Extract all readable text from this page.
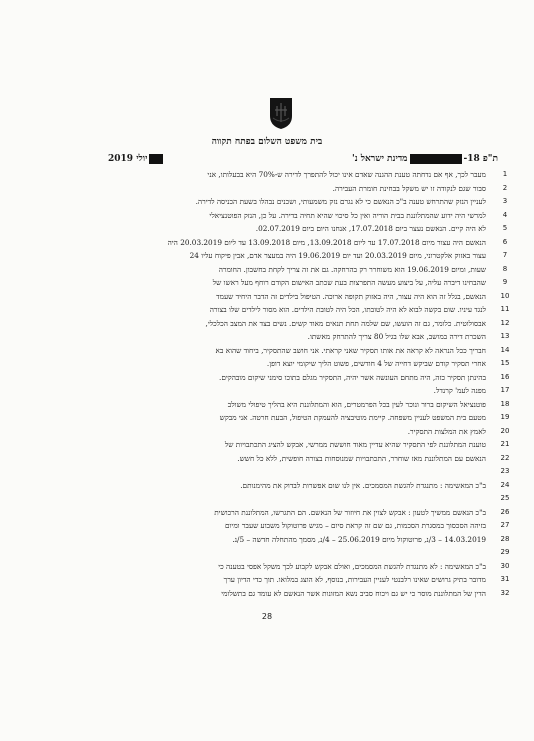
בית משפט השלום בפתח תקווה
ת"פ 18-מדינת ישראל נ'
יולי 2019
מעבר לכך, אף אם נדחתה טענת ההגנה שאדם אינו יכול להתפרך לדירה ש-70% היא בבעלותו, אני
סבור שגם לנקודה זו יש משקל בבחינת חומרת העבירה.
לעניין הנזק שהתרחש טענה ב"כ הנאשם כי לא נגרם נזק משמעותי, ושכנים נבהלו בשעת הכניסה לדירה.
למרשי היה ידוע שהמתלוננת בבית הוריה ואין כל סיכוי שהיא תחיה בדירה. על כן, הנזק הפוטנציאלי
לא היה קיים. הנאשם נעצר ביום 17.07.2018, אנחנו היום ביום 02.07.2019.
הנאשם היה עצור מיום 17.07.2018 עד ליום 13.09.2018, מיום 13.09.2018 עד ליום 20.03.2019 היה
עצור באזוק אלקטרוני, מיום 20.03.2019 ועד יום 19.06.2019 היה במעצר אדם, אבין פיקוח עליו 24
שעות, ומיום 19.06.2019 הוא משוחרר רק בהרחקה. גם את זה צריך לקחת בחשבון. החומרה
שהבחינו דיברה עליה, על ביצוע מעשה התפרצות בעת שכתב האישום הקודם רוחף מעל ראשו של
הנאשם, בגלל זה הוא היה עצור, היה באזוק תקופה ארוכה. הטיפול בילדים זה הדבר היחיד שעמד
לנגד עיניו. שום בקשה לבוא לא היה לטובתו, הכל היה לטובת הילדים. הוא מסור לילדים שלו בצורה
אבסולוטית. כלומר, גם זה הועשו, שם שלמה תחת תנאים מאוד קשים. נשים בצד את המצב הכלכלי,
השכרת דירה במושב, אבא שלו בגיל 80 צריך להתרחק מאשתו.
חבריך ככל הנראה לא קראה את אותו תסקיר שאני קראתי. אני חושב שהתסקיר, ביחוד שהוא בא
אחרי תסקיר קודם שביקש דחייה של 4 חודשים, פשוט הליך שיקומי יוצא דופן.
בהינתן תסקיר כזה, היה מתחם העונשה אשר יהיה, התסקיר מגלם בתוכו סימני שיקום מובהקים.
מפנה לעמ' קרנדל.
פוטנציאל השיקום ברור ונוכר לעין בכל הפרמטרים, הוא והמתלוננת היא בהליך טיפולי משולב
מטעם בית המשפט לעניין משפחה. קיימת מוטיבציה להעמקת הטיפול, הבעת חרטה. אני מבקש
לאמץ את המלצות התסקיר.
טוענת המתלוננת לפי התסקיר שהיא עדיין מאוד חוששת ממרשי, אבקש להציג התכתבויות של
הנאשם עם המתלוננת מאז שוחרר, התכתבויות שמנוסחות בצורה חופשית, ללא כל חשש.
ב"כ המאשימה : מתנגדת להגשת המסמכים. אין לנו שום אפשרות לבדוק את מהימנותם.
ב"כ הנאשם ממשיך לטעון : אבקש לצוין את חיוזור של הנאשם. הם התגרשו, המתלוננת הרכושית
בזיהה הסכסוך במסגרת הסכמות, גם שם זה קראת סיום – מגיש פרוטוקול משבוע שעבר ומיום
14.03.2019 – 3/נ, פרוטוקול מיום 25.06.2019 – 4/נ, מסמך מהתחלה חדשה – 5/נ.
ב"כ המאשימה : לא מתנגדת להגשת המסמכים, ואולם אבקש לקבוע לכך משקל אפסי בטענה כי
מדובר בתיק גרושים שאינו רלבנטי לעניין העבירות, בנוסף, לא הוצג במלואו. תוך כדי הדיון ערך
הדין של המתלוננת מוסר כי יש גם ויכוח סביב נשא המזונות אשר הנאשם לא עומד גם בתשלומי
1
2
3
4
5
6
7
8
9
10
11
12
13
14
15
16
17
18
19
20
21
22
23
24
25
26
27
28
29
30
31
32
28
